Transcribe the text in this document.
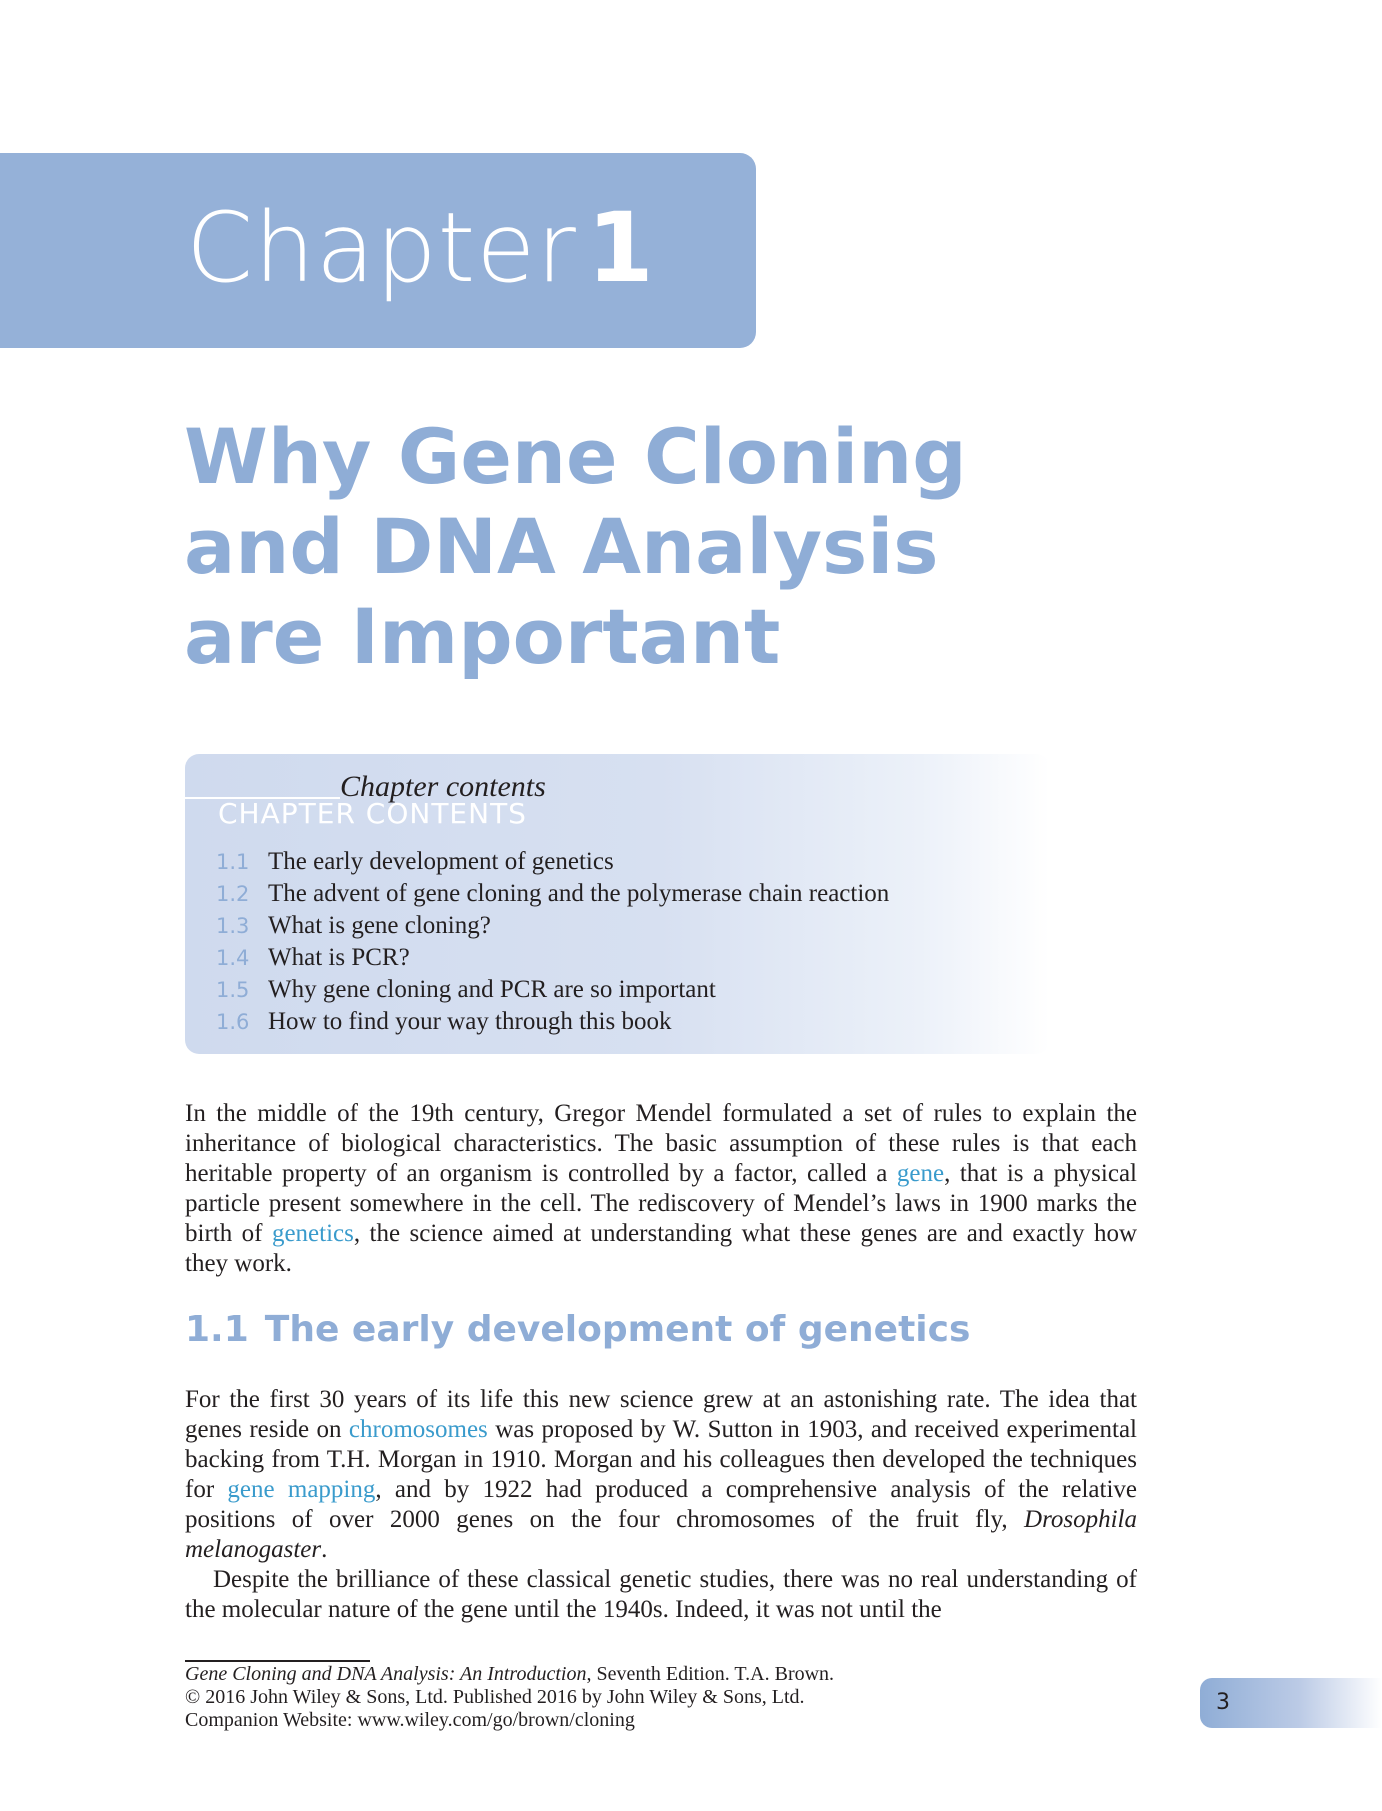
Chapter 1
Why Gene Cloning
and DNA Analysis
are Important
CHAPTER CONTENTS
Chapter contents
1.1 The early development of genetics
1.2 The advent of gene cloning and the polymerase chain reaction
1.3 What is gene cloning?
1.4 What is PCR?
1.5 Why gene cloning and PCR are so important
1.6 How to find your way through this book

In the middle of the 19th century, Gregor Mendel formulated a set of rules to explain the inheritance of biological characteristics. The basic assumption of these rules is that each heritable property of an organism is controlled by a factor, called a gene, that is a physical particle present somewhere in the cell. The rediscovery of Mendel’s laws in 1900 marks the birth of genetics, the science aimed at understanding what these genes are and exactly how they work.

1.1 The early development of genetics

For the first 30 years of its life this new science grew at an astonishing rate. The idea that genes reside on chromosomes was proposed by W. Sutton in 1903, and received experimental backing from T.H. Morgan in 1910. Morgan and his colleagues then developed the techniques for gene mapping, and by 1922 had produced a comprehensive analysis of the relative positions of over 2000 genes on the four chromosomes of the fruit fly, Drosophila melanogaster.

Despite the brilliance of these classical genetic studies, there was no real understanding of the molecular nature of the gene until the 1940s. Indeed, it was not until the

Gene Cloning and DNA Analysis: An Introduction, Seventh Edition. T.A. Brown.
© 2016 John Wiley & Sons, Ltd. Published 2016 by John Wiley & Sons, Ltd.
Companion Website: www.wiley.com/go/brown/cloning
3
